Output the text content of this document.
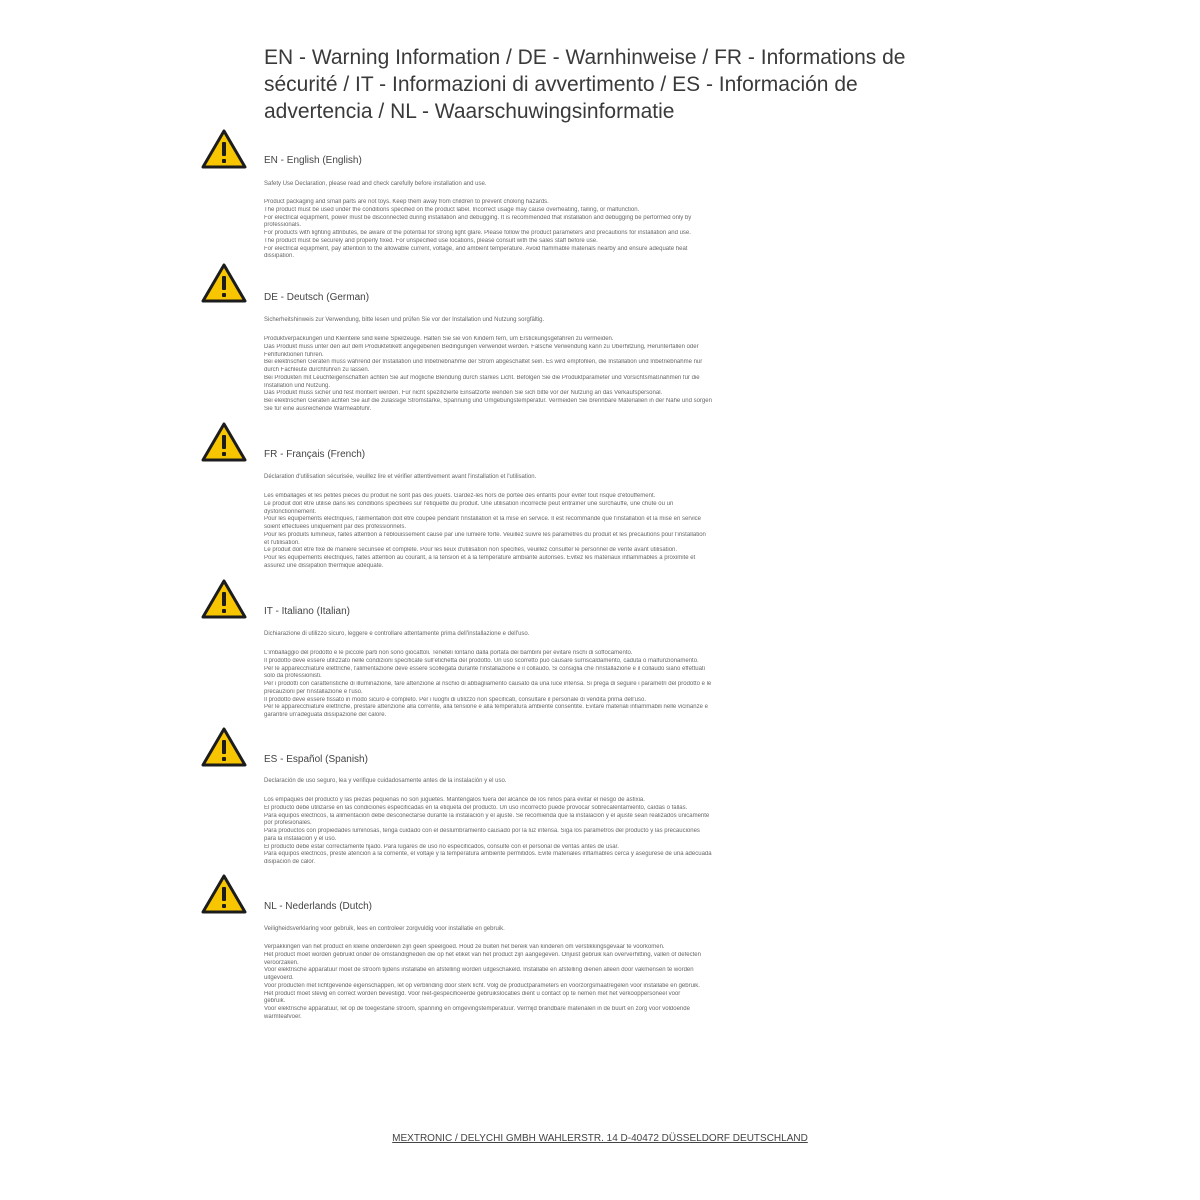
EN - Warning Information / DE - Warnhinweise / FR - Informations de sécurité / IT - Informazioni di avvertimento / ES - Información de advertencia / NL - Waarschuwingsinformatie
EN - English (English)

Safety Use Declaration, please read and check carefully before installation and use.

Product packaging and small parts are not toys. Keep them away from children to prevent choking hazards.
The product must be used under the conditions specified on the product label. Incorrect usage may cause overheating, failing, or malfunction.
For electrical equipment, power must be disconnected during installation and debugging. It is recommended that installation and debugging be performed only by
professionals.
For products with lighting attributes, be aware of the potential for strong light glare. Please follow the product parameters and precautions for installation and use.
The product must be securely and properly fixed. For unspecified use locations, please consult with the sales staff before use.
For electrical equipment, pay attention to the allowable current, voltage, and ambient temperature. Avoid flammable materials nearby and ensure adequate heat
dissipation.
DE - Deutsch (German)

Sicherheitshinweis zur Verwendung, bitte lesen und prüfen Sie vor der Installation und Nutzung sorgfältig.

Produktverpackungen und Kleinteile sind keine Spielzeuge. Halten Sie sie von Kindern fern, um Erstickungsgefahren zu vermeiden.
Das Produkt muss unter den auf dem Produktetikett angegebenen Bedingungen verwendet werden. Falsche Verwendung kann zu Überhitzung, Herunterfallen oder
Fehlfunktionen führen.
Bei elektrischen Geräten muss während der Installation und Inbetriebnahme der Strom abgeschaltet sein. Es wird empfohlen, die Installation und Inbetriebnahme nur
durch Fachleute durchführen zu lassen.
Bei Produkten mit Leuchteigenschaften achten Sie auf mögliche Blendung durch starkes Licht. Befolgen Sie die Produktparameter und Vorsichtsmaßnahmen für die
Installation und Nutzung.
Das Produkt muss sicher und fest montiert werden. Für nicht spezifizierte Einsatzorte wenden Sie sich bitte vor der Nutzung an das Verkaufspersonal.
Bei elektrischen Geräten achten Sie auf die zulässige Stromstärke, Spannung und Umgebungstemperatur. Vermeiden Sie brennbare Materialien in der Nähe und sorgen
Sie für eine ausreichende Wärmeabfuhr.
FR - Français (French)

Déclaration d'utilisation sécurisée, veuillez lire et vérifier attentivement avant l'installation et l'utilisation.

Les emballages et les petites pièces du produit ne sont pas des jouets. Gardez-les hors de portée des enfants pour éviter tout risque d'étouffement.
Le produit doit être utilisé dans les conditions spécifiées sur l'étiquette du produit. Une utilisation incorrecte peut entraîner une surchauffe, une chute ou un
dysfonctionnement.
Pour les équipements électriques, l'alimentation doit être coupée pendant l'installation et la mise en service. Il est recommandé que l'installation et la mise en service
soient effectuées uniquement par des professionnels.
Pour les produits lumineux, faites attention à l'éblouissement causé par une lumière forte. Veuillez suivre les paramètres du produit et les précautions pour l'installation
et l'utilisation.
Le produit doit être fixé de manière sécurisée et complète. Pour les lieux d'utilisation non spécifiés, veuillez consulter le personnel de vente avant utilisation.
Pour les équipements électriques, faites attention au courant, à la tension et à la température ambiante autorisés. Évitez les matériaux inflammables à proximité et
assurez une dissipation thermique adéquate.
IT - Italiano (Italian)

Dichiarazione di utilizzo sicuro, leggere e controllare attentamente prima dell'installazione e dell'uso.

L'imballaggio del prodotto e le piccole parti non sono giocattoli. Teneteli lontano dalla portata dei bambini per evitare rischi di soffocamento.
Il prodotto deve essere utilizzato nelle condizioni specificate sull'etichetta del prodotto. Un uso scorretto può causare surriscaldamento, caduta o malfunzionamento.
Per le apparecchiature elettriche, l'alimentazione deve essere scollegata durante l'installazione e il collaudo. Si consiglia che l'installazione e il collaudo siano effettuati
solo da professionisti.
Per i prodotti con caratteristiche di illuminazione, fare attenzione al rischio di abbagliamento causato da una luce intensa. Si prega di seguire i parametri del prodotto e le
precauzioni per l'installazione e l'uso.
Il prodotto deve essere fissato in modo sicuro e completo. Per i luoghi di utilizzo non specificati, consultare il personale di vendita prima dell'uso.
Per le apparecchiature elettriche, prestare attenzione alla corrente, alla tensione e alla temperatura ambiente consentite. Evitare materiali infiammabili nelle vicinanze e
garantire un'adeguata dissipazione del calore.
ES - Español (Spanish)

Declaración de uso seguro, lea y verifique cuidadosamente antes de la instalación y el uso.

Los empaques del producto y las piezas pequeñas no son juguetes. Manténgalos fuera del alcance de los niños para evitar el riesgo de asfixia.
El producto debe utilizarse en las condiciones especificadas en la etiqueta del producto. Un uso incorrecto puede provocar sobrecalentamiento, caídas o fallas.
Para equipos eléctricos, la alimentación debe desconectarse durante la instalación y el ajuste. Se recomienda que la instalación y el ajuste sean realizados únicamente
por profesionales.
Para productos con propiedades luminosas, tenga cuidado con el deslumbramiento causado por la luz intensa. Siga los parámetros del producto y las precauciones
para la instalación y el uso.
El producto debe estar correctamente fijado. Para lugares de uso no especificados, consulte con el personal de ventas antes de usar.
Para equipos eléctricos, preste atención a la corriente, el voltaje y la temperatura ambiente permitidos. Evite materiales inflamables cerca y asegúrese de una adecuada
disipación de calor.
NL - Nederlands (Dutch)

Veiligheidsverklaring voor gebruik, lees en controleer zorgvuldig voor installatie en gebruik.

Verpakkingen van het product en kleine onderdelen zijn geen speelgoed. Houd ze buiten het bereik van kinderen om verstikkingsgevaar te voorkomen.
Het product moet worden gebruikt onder de omstandigheden die op het etiket van het product zijn aangegeven. Onjuist gebruik kan oververhitting, vallen of defecten
veroorzaken.
Voor elektrische apparatuur moet de stroom tijdens installatie en afstelling worden uitgeschakeld. Installatie en afstelling dienen alleen door vakmensen te worden
uitgevoerd.
Voor producten met lichtgevende eigenschappen, let op verblinding door sterk licht. Volg de productparameters en voorzorgsmaatregelen voor installatie en gebruik.
Het product moet stevig en correct worden bevestigd. Voor niet-gespecificeerde gebruikslocaties dient u contact op te nemen met het verkooppersoneel voor
gebruik.
Voor elektrische apparatuur, let op de toegestane stroom, spanning en omgevingstemperatuur. Vermijd brandbare materialen in de buurt en zorg voor voldoende
warmteafvoer.

MEXTRONIC / DELYCHI GMBH WAHLERSTR. 14 D-40472 DÜSSELDORF DEUTSCHLAND
